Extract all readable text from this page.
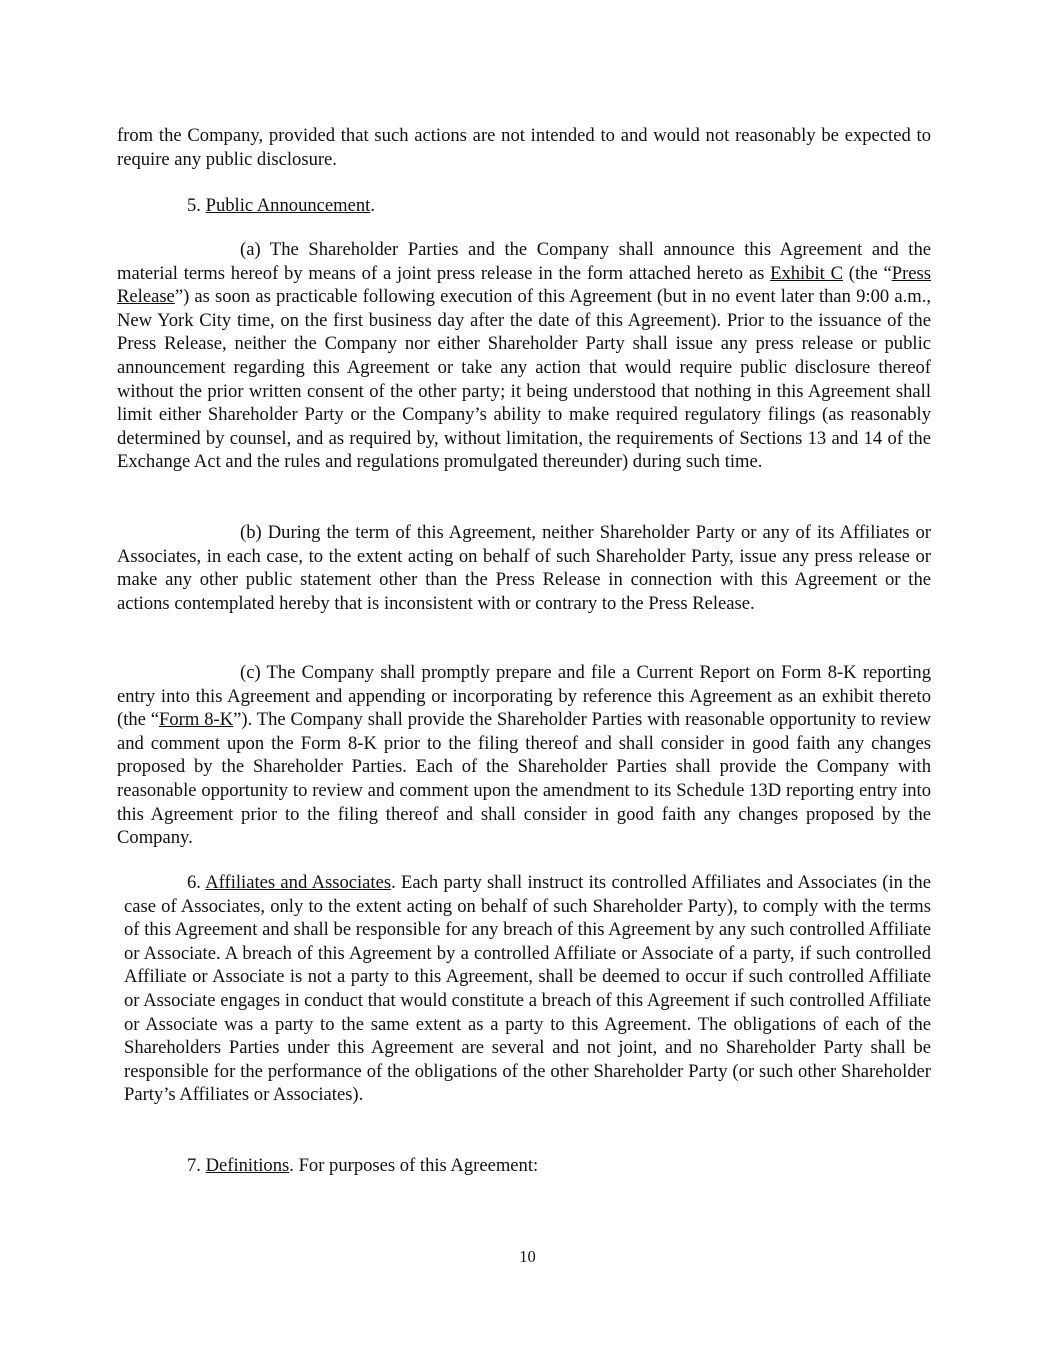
from the Company, provided that such actions are not intended to and would not reasonably be expected to require any public disclosure.

5. Public Announcement.

(a) The Shareholder Parties and the Company shall announce this Agreement and the material terms hereof by means of a joint press release in the form attached hereto as Exhibit C (the “Press Release”) as soon as practicable following execution of this Agreement (but in no event later than 9:00 a.m., New York City time, on the first business day after the date of this Agreement). Prior to the issuance of the Press Release, neither the Company nor either Shareholder Party shall issue any press release or public announcement regarding this Agreement or take any action that would require public disclosure thereof without the prior written consent of the other party; it being understood that nothing in this Agreement shall limit either Shareholder Party or the Company’s ability to make required regulatory filings (as reasonably determined by counsel, and as required by, without limitation, the requirements of Sections 13 and 14 of the Exchange Act and the rules and regulations promulgated thereunder) during such time.

(b) During the term of this Agreement, neither Shareholder Party or any of its Affiliates or Associates, in each case, to the extent acting on behalf of such Shareholder Party, issue any press release or make any other public statement other than the Press Release in connection with this Agreement or the actions contemplated hereby that is inconsistent with or contrary to the Press Release.

(c) The Company shall promptly prepare and file a Current Report on Form 8-K reporting entry into this Agreement and appending or incorporating by reference this Agreement as an exhibit thereto (the “Form 8-K”). The Company shall provide the Shareholder Parties with reasonable opportunity to review and comment upon the Form 8-K prior to the filing thereof and shall consider in good faith any changes proposed by the Shareholder Parties. Each of the Shareholder Parties shall provide the Company with reasonable opportunity to review and comment upon the amendment to its Schedule 13D reporting entry into this Agreement prior to the filing thereof and shall consider in good faith any changes proposed by the Company.

6. Affiliates and Associates. Each party shall instruct its controlled Affiliates and Associates (in the case of Associates, only to the extent acting on behalf of such Shareholder Party), to comply with the terms of this Agreement and shall be responsible for any breach of this Agreement by any such controlled Affiliate or Associate. A breach of this Agreement by a controlled Affiliate or Associate of a party, if such controlled Affiliate or Associate is not a party to this Agreement, shall be deemed to occur if such controlled Affiliate or Associate engages in conduct that would constitute a breach of this Agreement if such controlled Affiliate or Associate was a party to the same extent as a party to this Agreement. The obligations of each of the Shareholders Parties under this Agreement are several and not joint, and no Shareholder Party shall be responsible for the performance of the obligations of the other Shareholder Party (or such other Shareholder Party’s Affiliates or Associates).

7. Definitions. For purposes of this Agreement:

10
